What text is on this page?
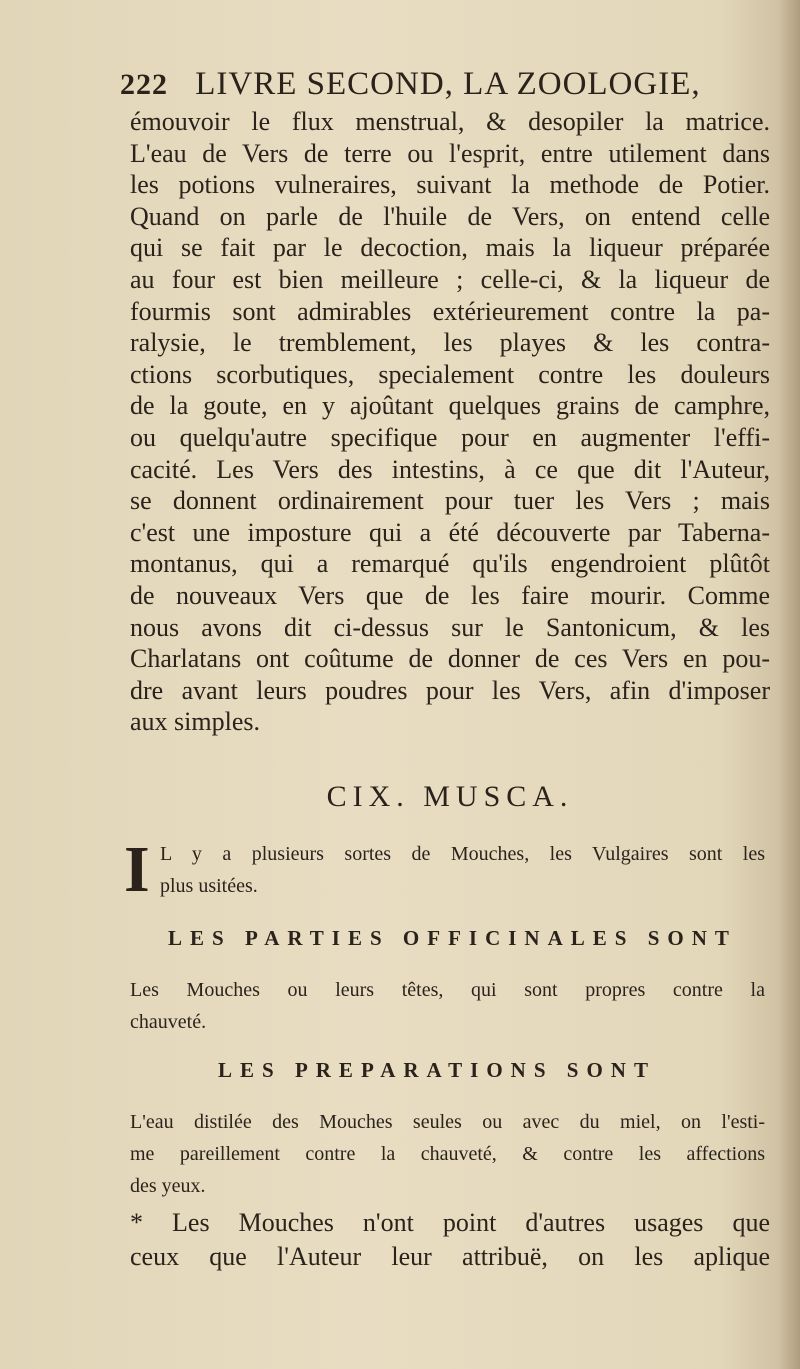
222 LIVRE SECOND, LA ZOOLOGIE,
émouvoir le flux menstrual, & desopiler la matrice.
L'eau de Vers de terre ou l'esprit, entre utilement dans
les potions vulneraires, suivant la methode de Potier.
Quand on parle de l'huile de Vers, on entend celle
qui se fait par le decoction, mais la liqueur préparée
au four est bien meilleure ; celle-ci, & la liqueur de
fourmis sont admirables extérieurement contre la pa-
ralysie, le tremblement, les playes & les contra-
ctions scorbutiques, specialement contre les douleurs
de la goute, en y ajoûtant quelques grains de camphre,
ou quelqu'autre specifique pour en augmenter l'effi-
cacité. Les Vers des intestins, à ce que dit l'Auteur,
se donnent ordinairement pour tuer les Vers ; mais
c'est une imposture qui a été découverte par Taberna-
montanus, qui a remarqué qu'ils engendroient plûtôt
de nouveaux Vers que de les faire mourir. Comme
nous avons dit ci-dessus sur le Santonicum, & les
Charlatans ont coûtume de donner de ces Vers en pou-
dre avant leurs poudres pour les Vers, afin d'imposer
aux simples.
CIX. MUSCA.
I L y a plusieurs sortes de Mouches, les Vulgaires sont les
plus usitées.
LES PARTIES OFFICINALES SONT
Les Mouches ou leurs têtes, qui sont propres contre la
chauveté.
LES PREPARATIONS SONT
L'eau distilée des Mouches seules ou avec du miel, on l'esti-
me pareillement contre la chauveté, & contre les affections
des yeux.
* Les Mouches n'ont point d'autres usages que
ceux que l'Auteur leur attribuë, on les aplique
